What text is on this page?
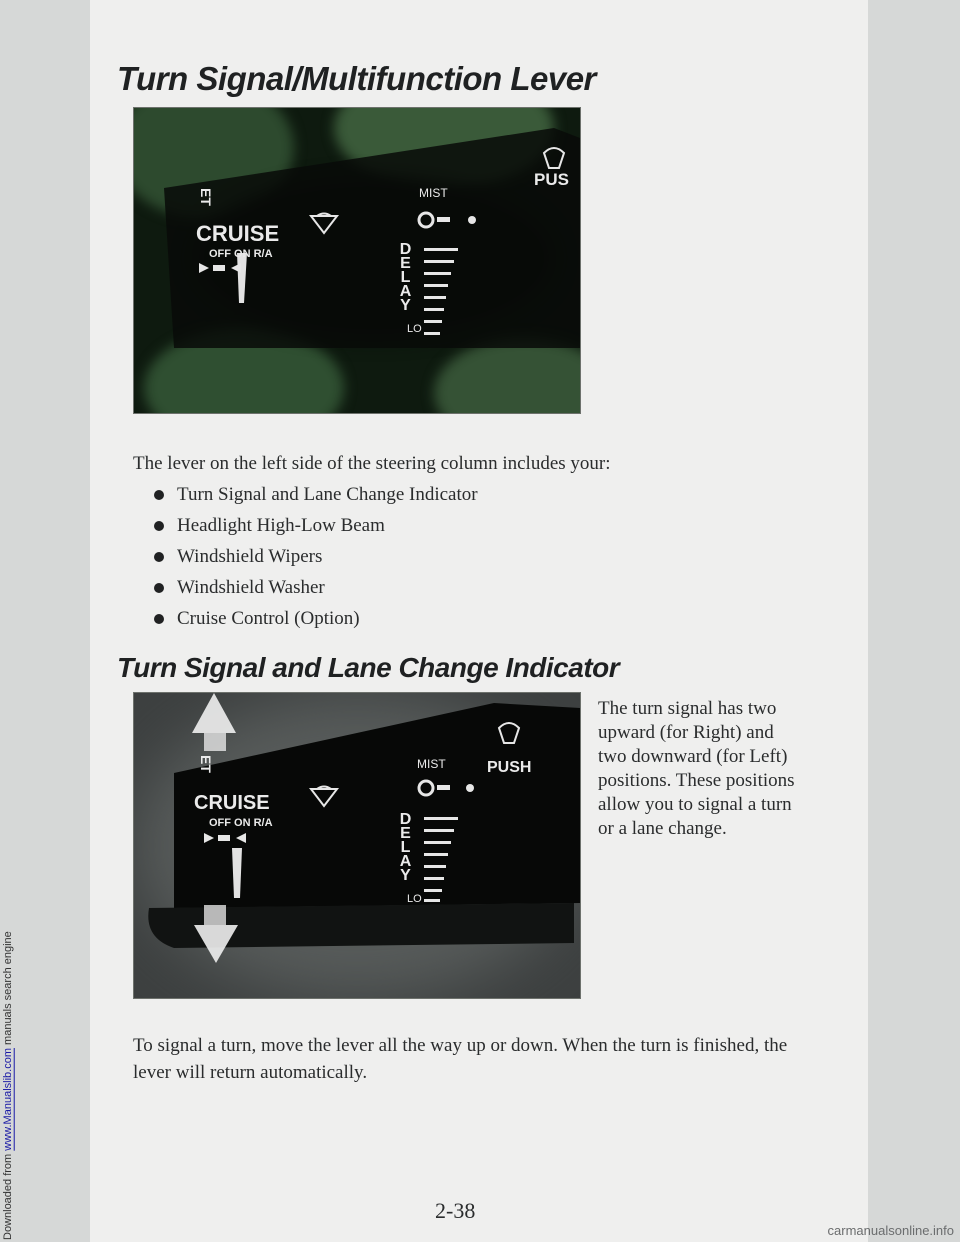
Downloaded from www.Manualslib.com manuals search engine
Turn Signal/Multifunction Lever
ET
CRUISE
OFF ON R/A
MIST
DELAY
LO
PUS

The lever on the left side of the steering column includes your:

Turn Signal and Lane Change Indicator
Headlight High-Low Beam
Windshield Wipers
Windshield Washer
Cruise Control (Option)
Turn Signal and Lane Change Indicator
ET
CRUISE
OFF ON R/A
MIST
DELAY
LO
PUSH

The turn signal has two upward (for Right) and two downward (for Left) positions. These positions allow you to signal a turn or a lane change.

To signal a turn, move the lever all the way up or down. When the turn is finished, the lever will return automatically.

2-38
carmanualsonline.info
